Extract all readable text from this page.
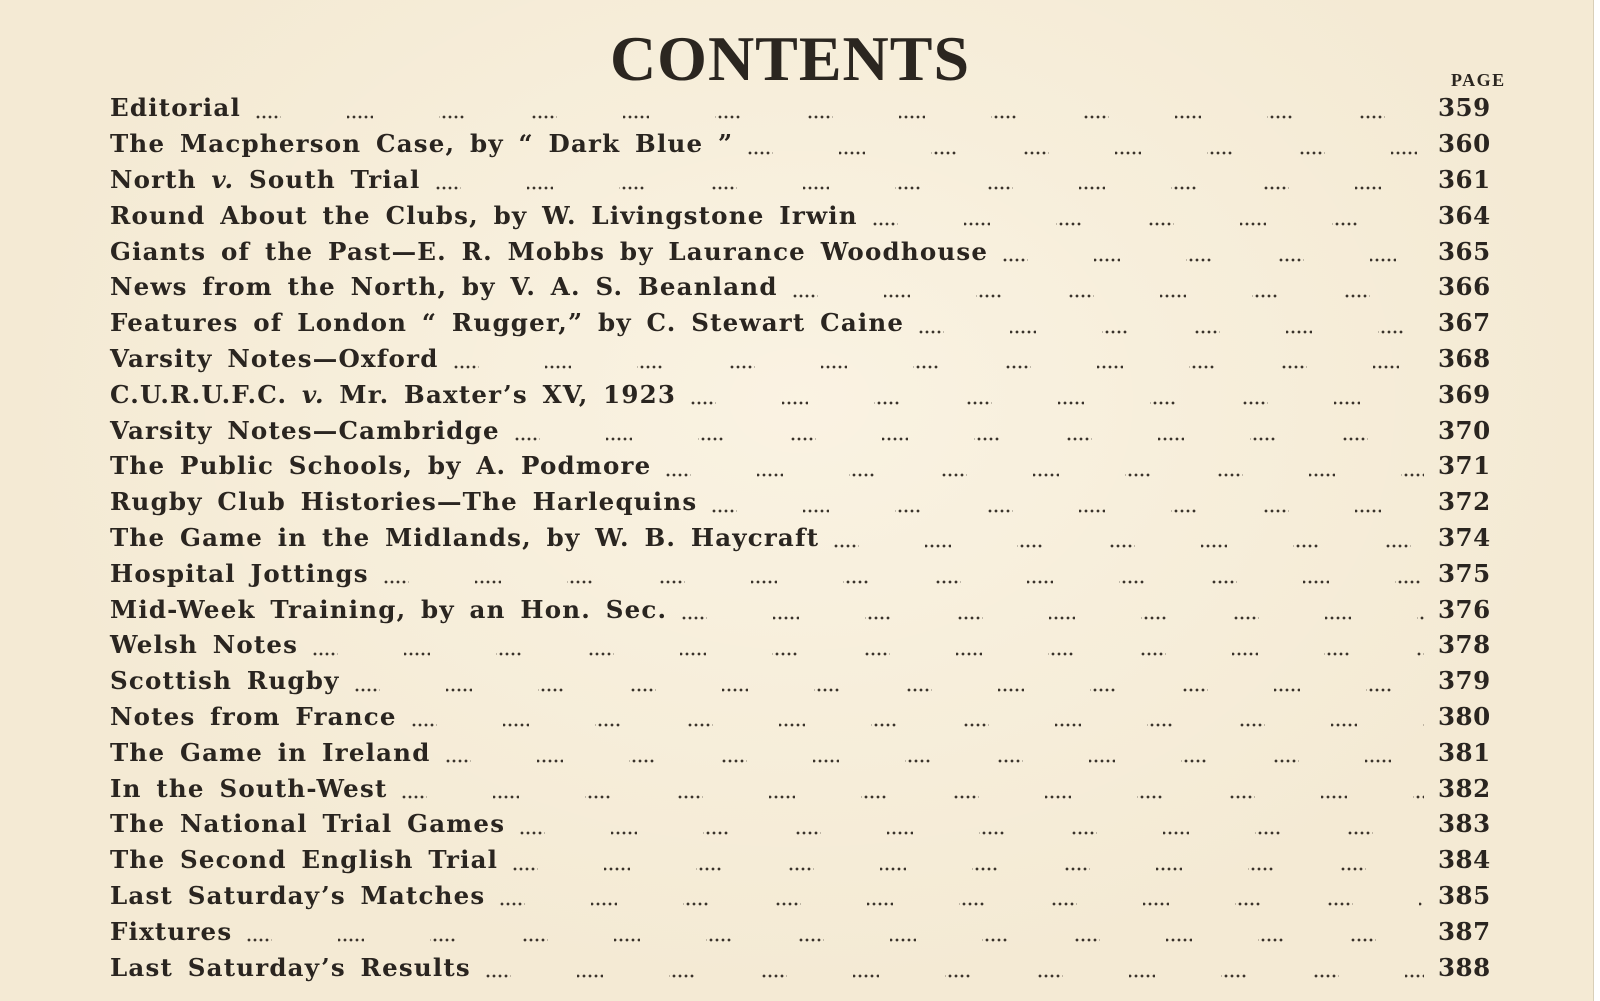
CONTENTS	PAGE
Editorial	359
The Macpherson Case, by “ Dark Blue ”	360
North v. South Trial	361
Round About the Clubs, by W. Livingstone Irwin	364
Giants of the Past—E. R. Mobbs by Laurance Woodhouse	365
News from the North, by V. A. S. Beanland	366
Features of London “ Rugger,” by C. Stewart Caine	367
Varsity Notes—Oxford	368
C.U.R.U.F.C. v. Mr. Baxter’s XV, 1923	369
Varsity Notes—Cambridge	370
The Public Schools, by A. Podmore	371
Rugby Club Histories—The Harlequins	372
The Game in the Midlands, by W. B. Haycraft	374
Hospital Jottings	375
Mid-Week Training, by an Hon. Sec.	376
Welsh Notes	378
Scottish Rugby	379
Notes from France	380
The Game in Ireland	381
In the South-West	382
The National Trial Games	383
The Second English Trial	384
Last Saturday’s Matches	385
Fixtures	387
Last Saturday’s Results	388
